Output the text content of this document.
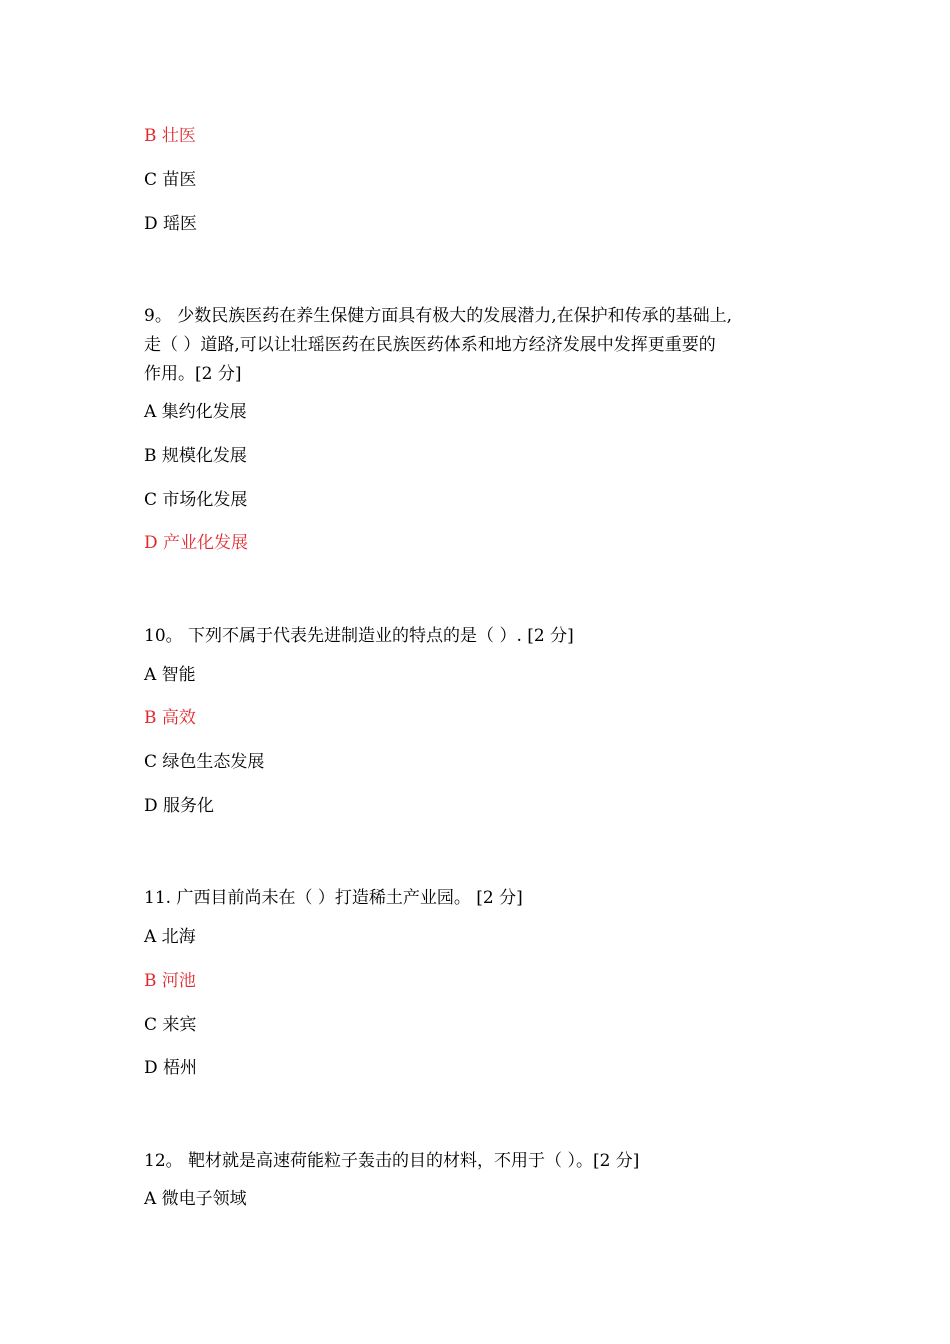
B 壮医
C 苗医
D 瑶医
9。 少数民族医药在养生保健方面具有极大的发展潜力,在保护和传承的基础上,
走（ ）道路,可以让壮瑶医药在民族医药体系和地方经济发展中发挥更重要的
作用。[2 分]
A 集约化发展
B 规模化发展
C 市场化发展
D 产业化发展
10。 下列不属于代表先进制造业的特点的是（ ）. [2 分]
A 智能
B 高效
C 绿色生态发展
D 服务化
11. 广西目前尚未在（ ）打造稀土产业园。 [2 分]
A 北海
B 河池
C 来宾
D 梧州
12。 靶材就是高速荷能粒子轰击的目的材料，不用于（ ）。[2 分]
A 微电子领域
